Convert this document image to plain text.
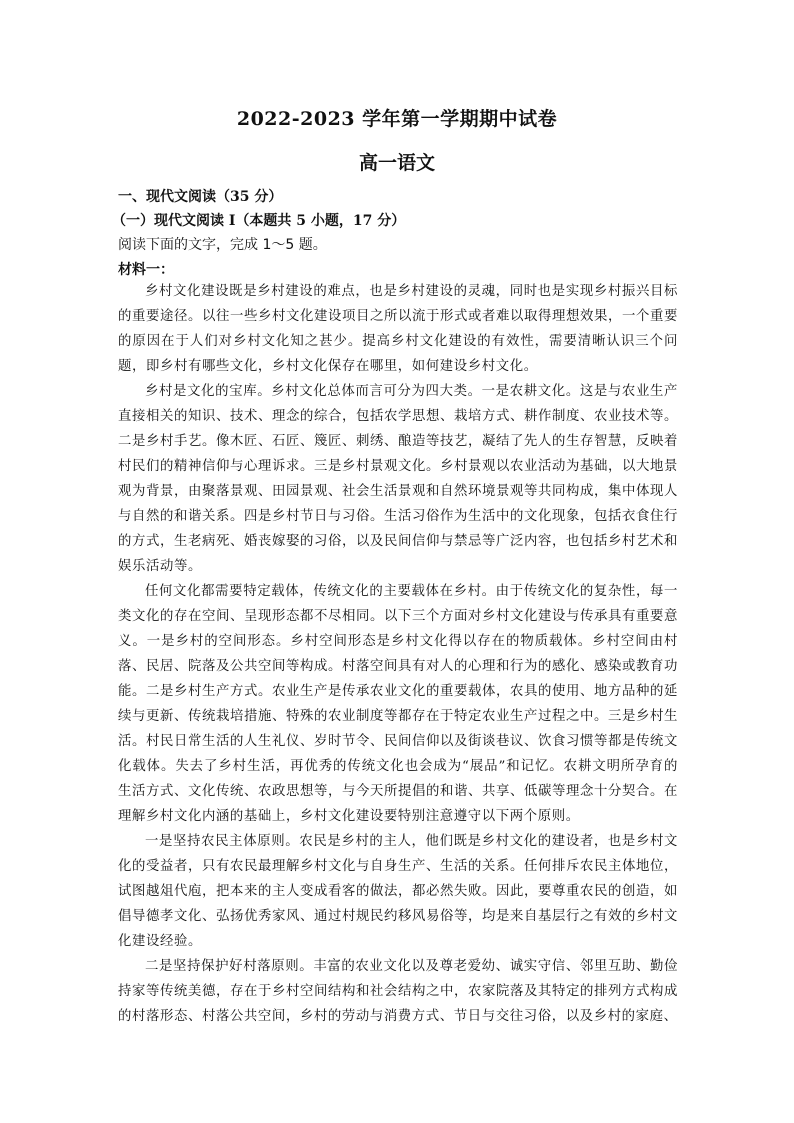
2022-2023 学年第一学期期中试卷
高一语文
一、现代文阅读（35 分）
（一）现代文阅读 I（本题共 5 小题，17 分）
阅读下面的文字，完成 1～5 题。
材料一：

乡村文化建设既是乡村建设的难点，也是乡村建设的灵魂，同时也是实现乡村振兴目标的重要途径。以往一些乡村文化建设项目之所以流于形式或者难以取得理想效果，一个重要的原因在于人们对乡村文化知之甚少。提高乡村文化建设的有效性，需要清晰认识三个问题，即乡村有哪些文化，乡村文化保存在哪里，如何建设乡村文化。

乡村是文化的宝库。乡村文化总体而言可分为四大类。一是农耕文化。这是与农业生产直接相关的知识、技术、理念的综合，包括农学思想、栽培方式、耕作制度、农业技术等。二是乡村手艺。像木匠、石匠、篾匠、刺绣、酿造等技艺，凝结了先人的生存智慧，反映着村民们的精神信仰与心理诉求。三是乡村景观文化。乡村景观以农业活动为基础，以大地景观为背景，由聚落景观、田园景观、社会生活景观和自然环境景观等共同构成，集中体现人与自然的和谐关系。四是乡村节日与习俗。生活习俗作为生活中的文化现象，包括衣食住行的方式，生老病死、婚丧嫁娶的习俗，以及民间信仰与禁忌等广泛内容，也包括乡村艺术和娱乐活动等。

任何文化都需要特定载体，传统文化的主要载体在乡村。由于传统文化的复杂性，每一类文化的存在空间、呈现形态都不尽相同。以下三个方面对乡村文化建设与传承具有重要意义。一是乡村的空间形态。乡村空间形态是乡村文化得以存在的物质载体。乡村空间由村落、民居、院落及公共空间等构成。村落空间具有对人的心理和行为的感化、感染或教育功能。二是乡村生产方式。农业生产是传承农业文化的重要载体，农具的使用、地方品种的延续与更新、传统栽培措施、特殊的农业制度等都存在于特定农业生产过程之中。三是乡村生活。村民日常生活的人生礼仪、岁时节令、民间信仰以及街谈巷议、饮食习惯等都是传统文化载体。失去了乡村生活，再优秀的传统文化也会成为“展品”和记忆。农耕文明所孕育的生活方式、文化传统、农政思想等，与今天所提倡的和谐、共享、低碳等理念十分契合。在理解乡村文化内涵的基础上，乡村文化建设要特别注意遵守以下两个原则。

一是坚持农民主体原则。农民是乡村的主人，他们既是乡村文化的建设者，也是乡村文化的受益者，只有农民最理解乡村文化与自身生产、生活的关系。任何排斥农民主体地位，试图越俎代庖，把本来的主人变成看客的做法，都必然失败。因此，要尊重农民的创造，如倡导德孝文化、弘扬优秀家风、通过村规民约移风易俗等，均是来自基层行之有效的乡村文化建设经验。

二是坚持保护好村落原则。丰富的农业文化以及尊老爱幼、诚实守信、邻里互助、勤俭持家等传统美德，存在于乡村空间结构和社会结构之中，农家院落及其特定的排列方式构成的村落形态、村落公共空间，乡村的劳动与消费方式、节日与交往习俗，以及乡村的家庭、
